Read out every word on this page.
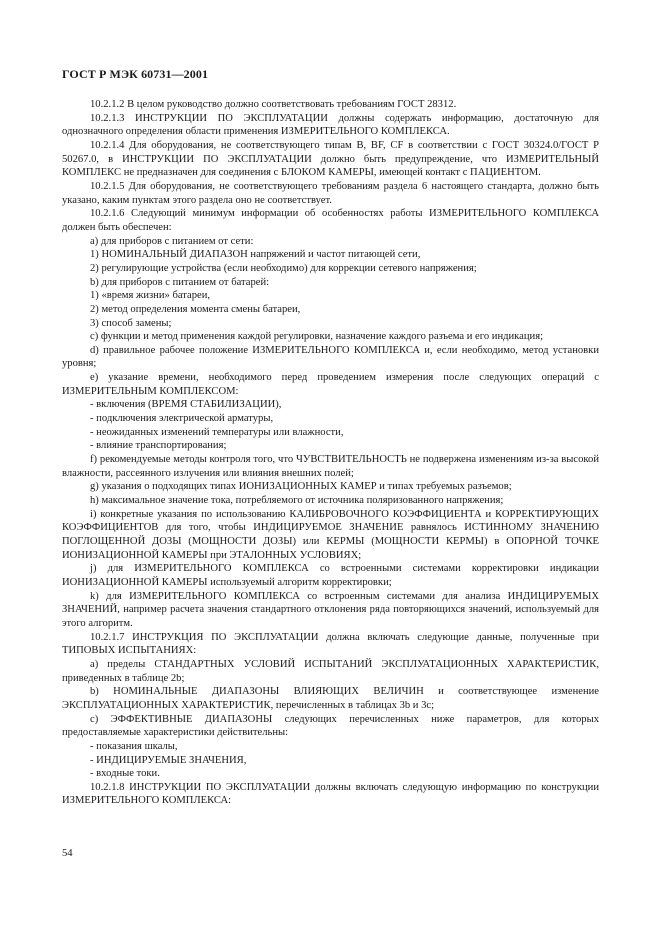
ГОСТ Р МЭК 60731—2001

10.2.1.2 В целом руководство должно соответствовать требованиям ГОСТ 28312.

10.2.1.3 ИНСТРУКЦИИ ПО ЭКСПЛУАТАЦИИ должны содержать информацию, достаточную для однозначного определения области применения ИЗМЕРИТЕЛЬНОГО КОМПЛЕКСА.

10.2.1.4 Для оборудования, не соответствующего типам В, BF, CF в соответствии с ГОСТ 30324.0/ГОСТ Р 50267.0, в ИНСТРУКЦИИ ПО ЭКСПЛУАТАЦИИ должно быть предупреждение, что ИЗМЕРИТЕЛЬНЫЙ КОМПЛЕКС не предназначен для соединения с БЛОКОМ КАМЕРЫ, имеющей контакт с ПАЦИЕНТОМ.

10.2.1.5 Для оборудования, не соответствующего требованиям раздела 6 настоящего стандарта, должно быть указано, каким пунктам этого раздела оно не соответствует.

10.2.1.6 Следующий минимум информации об особенностях работы ИЗМЕРИТЕЛЬНОГО КОМПЛЕКСА должен быть обеспечен:

а) для приборов с питанием от сети:

1) НОМИНАЛЬНЫЙ ДИАПАЗОН напряжений и частот питающей сети,

2) регулирующие устройства (если необходимо) для коррекции сетевого напряжения;

b) для приборов с питанием от батарей:

1) «время жизни» батареи,

2) метод определения момента смены батареи,

3) способ замены;

с) функции и метод применения каждой регулировки, назначение каждого разъема и его индикация;

d) правильное рабочее положение ИЗМЕРИТЕЛЬНОГО КОМПЛЕКСА и, если необходимо, метод установки уровня;

е) указание времени, необходимого перед проведением измерения после следующих операций с ИЗМЕРИТЕЛЬНЫМ КОМПЛЕКСОМ:

- включения (ВРЕМЯ СТАБИЛИЗАЦИИ),

- подключения электрической арматуры,

- неожиданных изменений температуры или влажности,

- влияние транспортирования;

f) рекомендуемые методы контроля того, что ЧУВСТВИТЕЛЬНОСТЬ не подвержена изменениям из-за высокой влажности, рассеянного излучения или влияния внешних полей;

g) указания о подходящих типах ИОНИЗАЦИОННЫХ КАМЕР и типах требуемых разъемов;

h) максимальное значение тока, потребляемого от источника поляризованного напряжения;

i) конкретные указания по использованию КАЛИБРОВОЧНОГО КОЭФФИЦИЕНТА и КОРРЕКТИРУЮЩИХ КОЭФФИЦИЕНТОВ для того, чтобы ИНДИЦИРУЕМОЕ ЗНАЧЕНИЕ равнялось ИСТИННОМУ ЗНАЧЕНИЮ ПОГЛОЩЕННОЙ ДОЗЫ (МОЩНОСТИ ДОЗЫ) или КЕРМЫ (МОЩНОСТИ КЕРМЫ) в ОПОРНОЙ ТОЧКЕ ИОНИЗАЦИОННОЙ КАМЕРЫ при ЭТАЛОННЫХ УСЛОВИЯХ;

j) для ИЗМЕРИТЕЛЬНОГО КОМПЛЕКСА со встроенными системами корректировки индикации ИОНИЗАЦИОННОЙ КАМЕРЫ используемый алгоритм корректировки;

k) для ИЗМЕРИТЕЛЬНОГО КОМПЛЕКСА со встроенным системами для анализа ИНДИЦИРУЕМЫХ ЗНАЧЕНИЙ, например расчета значения стандартного отклонения ряда повторяющихся значений, используемый для этого алгоритм.

10.2.1.7 ИНСТРУКЦИЯ ПО ЭКСПЛУАТАЦИИ должна включать следующие данные, полученные при ТИПОВЫХ ИСПЫТАНИЯХ:

а) пределы СТАНДАРТНЫХ УСЛОВИЙ ИСПЫТАНИЙ ЭКСПЛУАТАЦИОННЫХ ХАРАКТЕРИСТИК, приведенных в таблице 2b;

b) НОМИНАЛЬНЫЕ ДИАПАЗОНЫ ВЛИЯЮЩИХ ВЕЛИЧИН и соответствующее изменение ЭКСПЛУАТАЦИОННЫХ ХАРАКТЕРИСТИК, перечисленных в таблицах 3b и 3c;

с) ЭФФЕКТИВНЫЕ ДИАПАЗОНЫ следующих перечисленных ниже параметров, для которых предоставляемые характеристики действительны:

- показания шкалы,

- ИНДИЦИРУЕМЫЕ ЗНАЧЕНИЯ,

- входные токи.

10.2.1.8 ИНСТРУКЦИИ ПО ЭКСПЛУАТАЦИИ должны включать следующую информацию по конструкции ИЗМЕРИТЕЛЬНОГО КОМПЛЕКСА:

54
